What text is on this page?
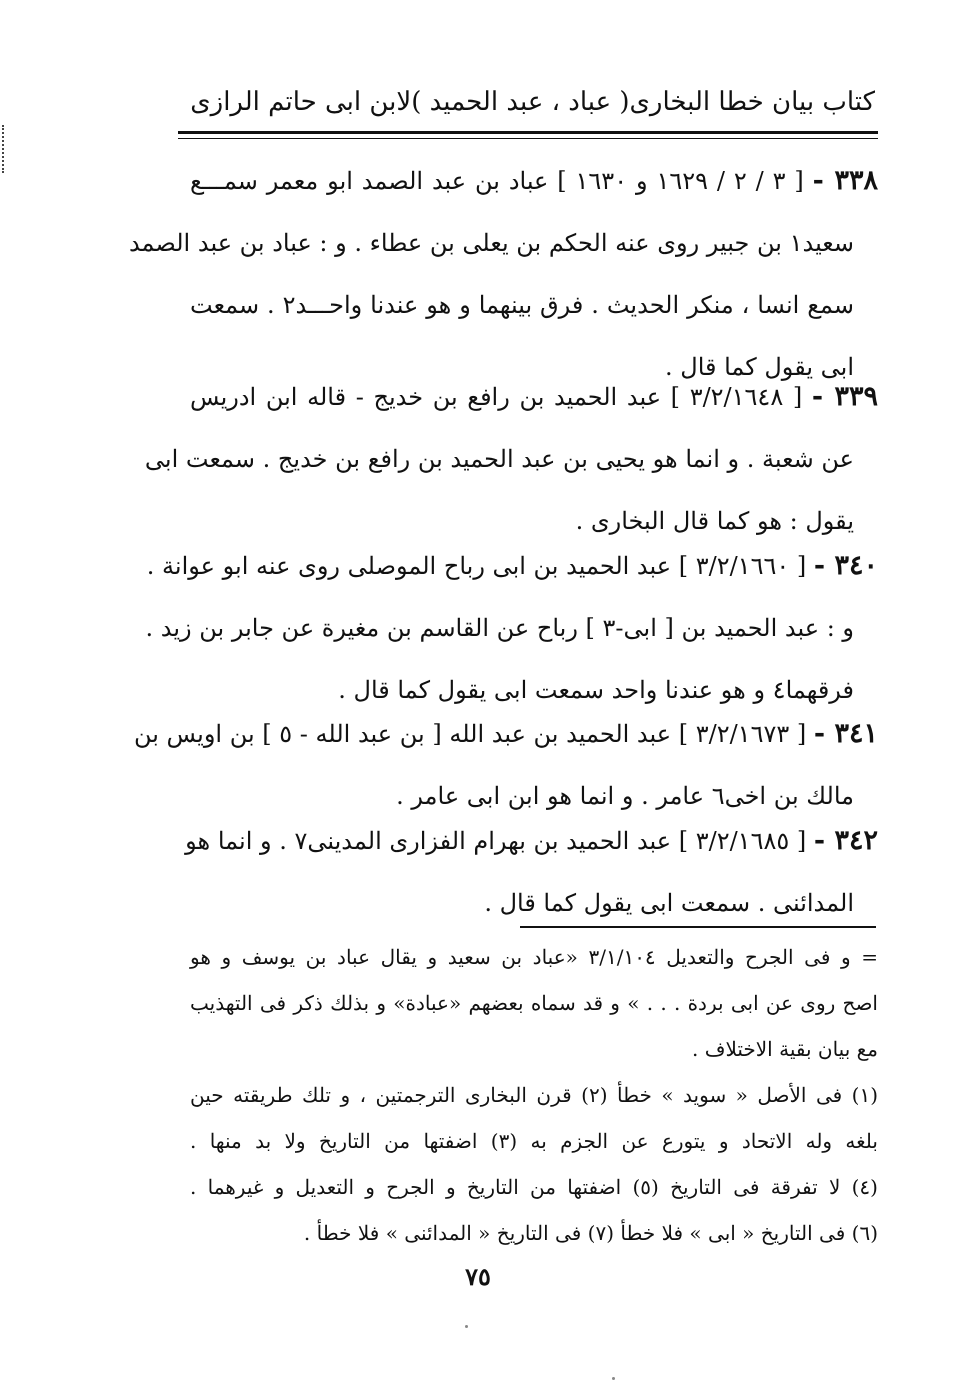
كتاب بيان خطا البخارى
( عباد ، عبد الحميد )
لابن ابى حاتم الرازى
٣٣٨ - [ ٣ / ٢ / ١٦٢٩ و ١٦٣٠ ] عباد بن عبد الصمد ابو معمر سمـــع
سعيد١ بن جبير روى عنه الحكم بن يعلى بن عطاء . و : عباد بن عبد الصمد
سمع انسا ، منكر الحديث . فرق بينهما و هو عندنا واحـــد٢ . سمعت
ابى يقول كما قال .
٣٣٩ - [ ٣/٢/١٦٤٨ ] عبد الحميد بن رافع بن خديج - قاله ابن ادريس
عن شعبة . و انما هو يحيى بن عبد الحميد بن رافع بن خديج . سمعت ابى
يقول : هو كما قال البخارى .
٣٤٠ - [ ٣/٢/١٦٦٠ ] عبد الحميد بن ابى رباح الموصلى روى عنه ابو عوانة .
و : عبد الحميد بن [ ابى-٣ ] رباح عن القاسم بن مغيرة عن جابر بن زيد .
فرقهما٤ و هو عندنا واحد سمعت ابى يقول كما قال .
٣٤١ - [ ٣/٢/١٦٧٣ ] عبد الحميد بن عبد الله [ بن عبد الله - ٥ ] بن اويس بن
مالك بن اخى٦ عامر . و انما هو ابن ابى عامر .
٣٤٢ - [ ٣/٢/١٦٨٥ ] عبد الحميد بن بهرام الفزارى المدينى٧ . و انما هو
المدائنى . سمعت ابى يقول كما قال .
= و فى الجرح والتعديل ٣/١/١٠٤ «عباد بن سعيد و يقال عباد بن يوسف و هو
اصح روى عن ابى بردة . . . » و قد سماه بعضهم «عبادة» و بذلك ذكر فى التهذيب
مع بيان بقية الاختلاف .
(١) فى الأصل « سويد » خطأ (٢) قرن البخارى الترجمتين ، و تلك طريقته حين
بلغه وله الاتحاد و يتورع عن الجزم به (٣) اضفتها من التاريخ ولا بد منها .
(٤) لا تفرقة فى التاريخ (٥) اضفتها من التاريخ و الجرح و التعديل و غيرهما .
(٦) فى التاريخ « ابى » فلا خطأ (٧) فى التاريخ « المدائنى » فلا خطأ .
٧٥
